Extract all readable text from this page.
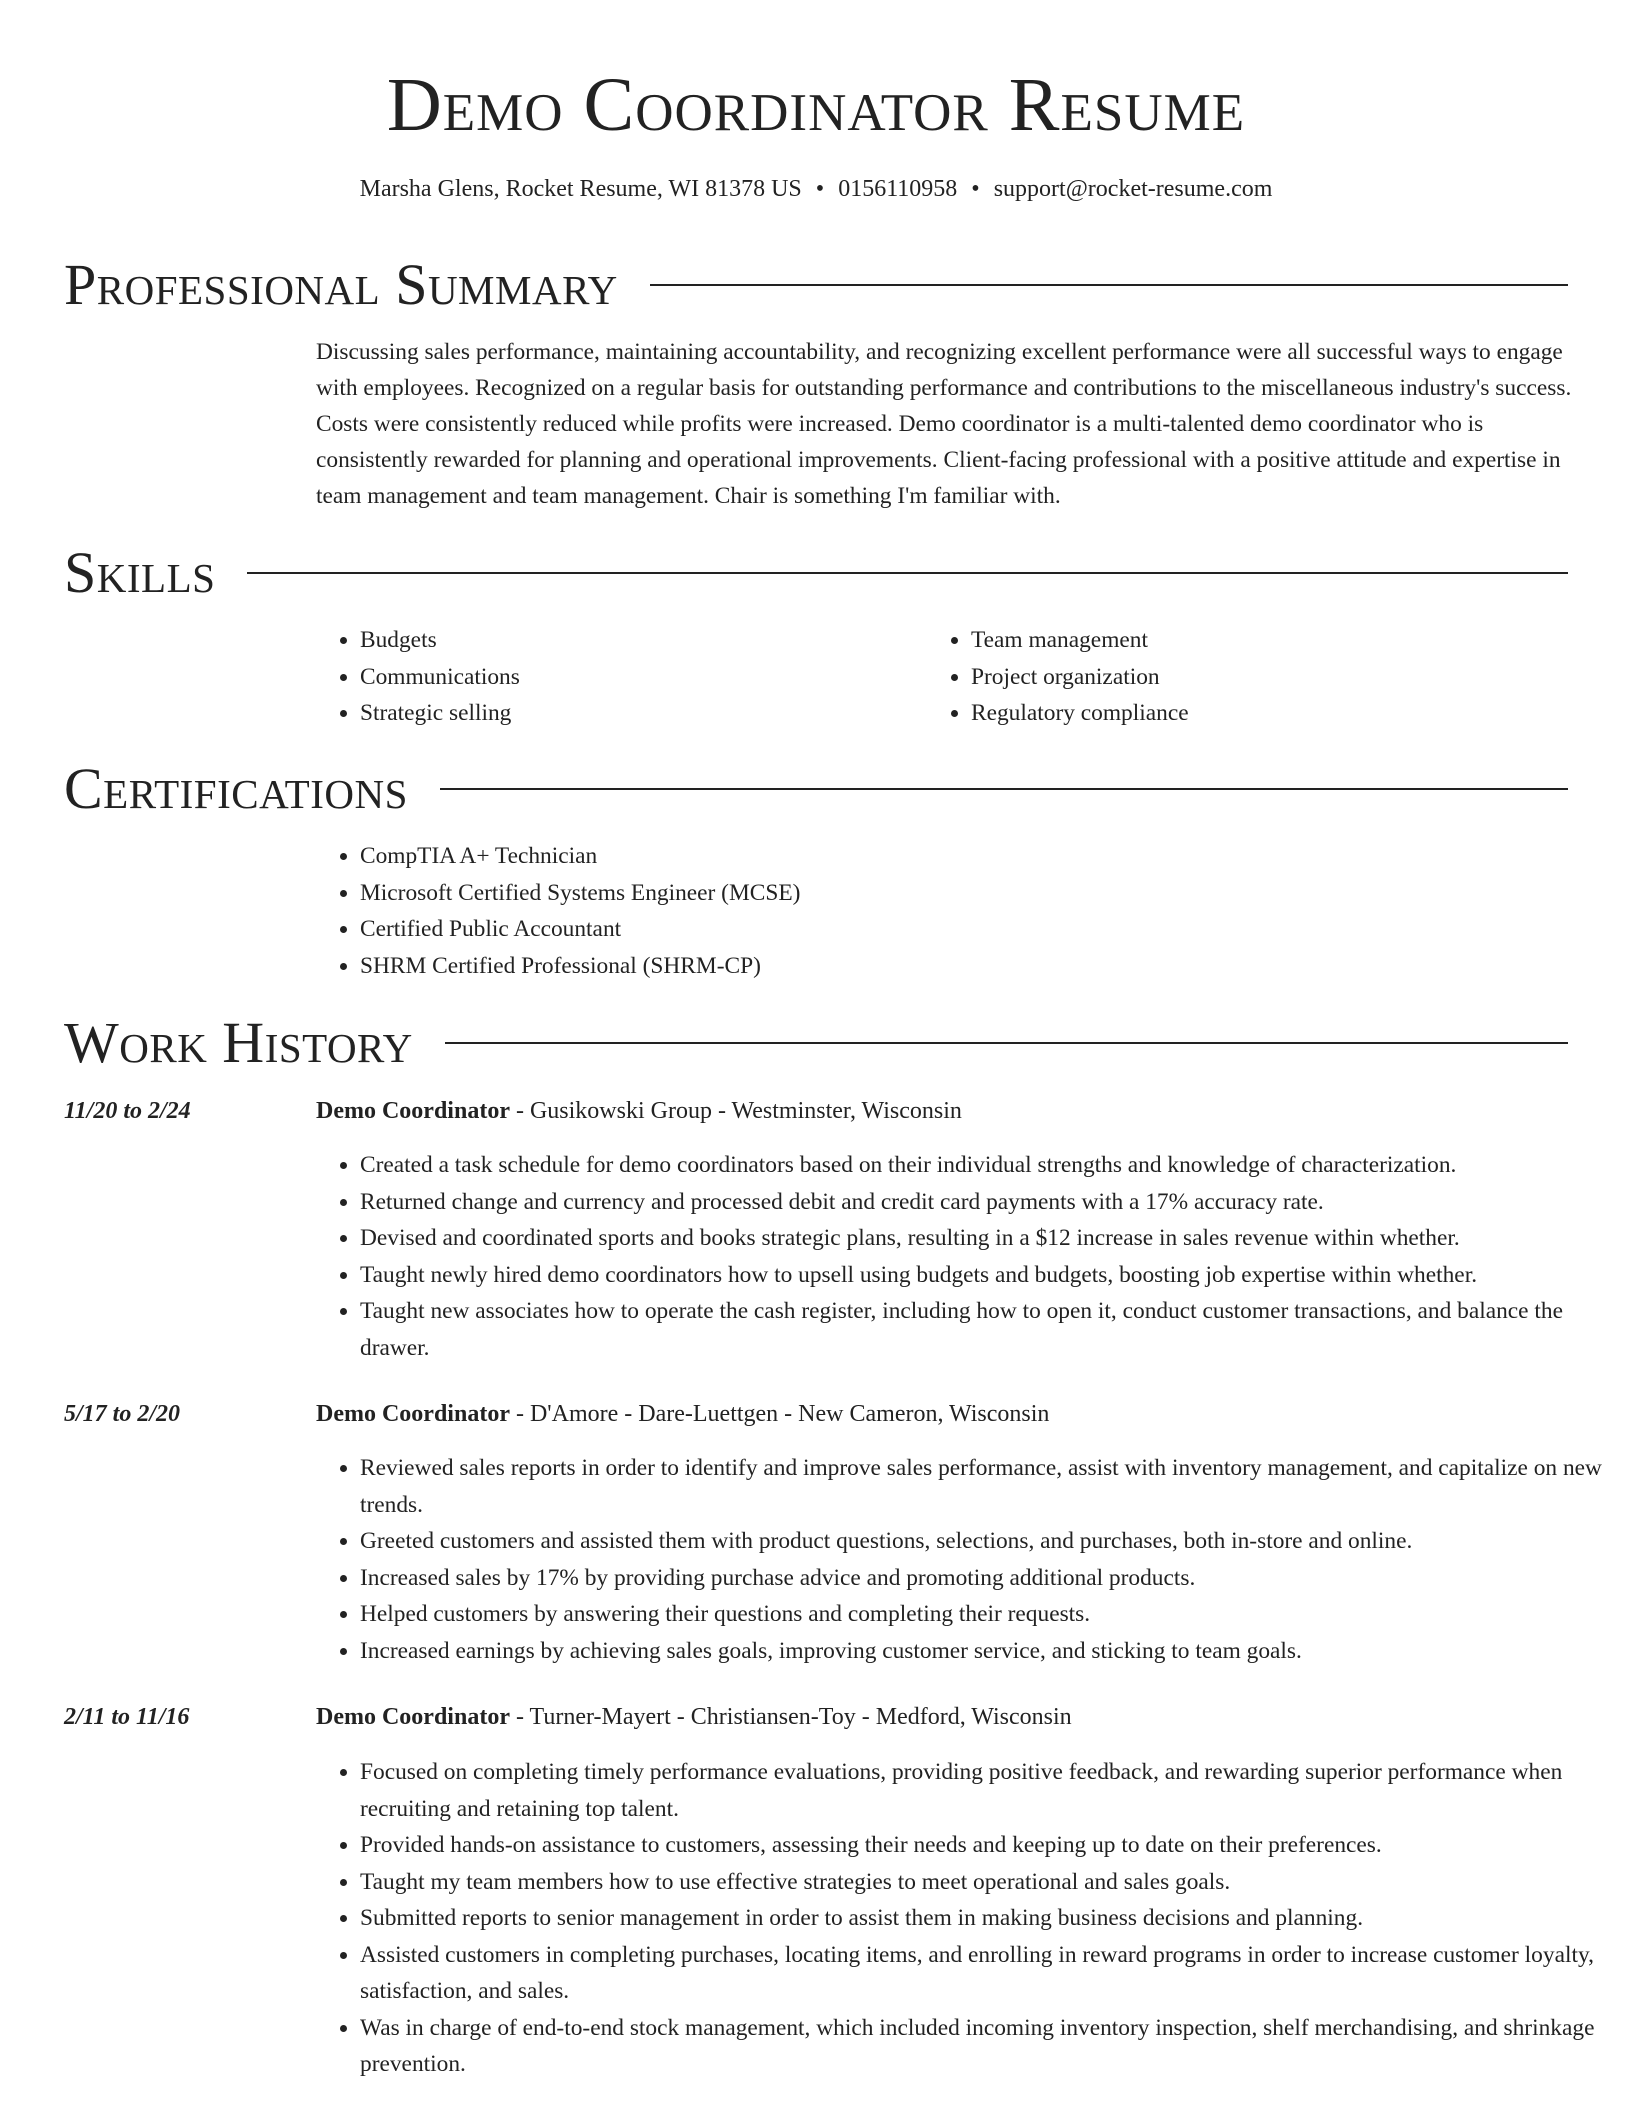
Demo Coordinator Resume
Marsha Glens, Rocket Resume, WI 81378 US • 0156110958 • support@rocket-resume.com
Professional Summary

Discussing sales performance, maintaining accountability, and recognizing excellent performance were all successful ways to engage with employees. Recognized on a regular basis for outstanding performance and contributions to the miscellaneous industry's success. Costs were consistently reduced while profits were increased. Demo coordinator is a multi-talented demo coordinator who is consistently rewarded for planning and operational improvements. Client-facing professional with a positive attitude and expertise in team management and team management. Chair is something I'm familiar with.

Skills
• Budgets
• Communications
• Strategic selling
• Team management
• Project organization
• Regulatory compliance
Certifications
• CompTIA A+ Technician
• Microsoft Certified Systems Engineer (MCSE)
• Certified Public Accountant
• SHRM Certified Professional (SHRM-CP)
Work History
11/20 to 2/24	Demo Coordinator - Gusikowski Group - Westminster, Wisconsin
• Created a task schedule for demo coordinators based on their individual strengths and knowledge of characterization.
• Returned change and currency and processed debit and credit card payments with a 17% accuracy rate.
• Devised and coordinated sports and books strategic plans, resulting in a $12 increase in sales revenue within whether.
• Taught newly hired demo coordinators how to upsell using budgets and budgets, boosting job expertise within whether.
• Taught new associates how to operate the cash register, including how to open it, conduct customer transactions, and balance the drawer.
5/17 to 2/20	Demo Coordinator - D'Amore - Dare-Luettgen - New Cameron, Wisconsin
• Reviewed sales reports in order to identify and improve sales performance, assist with inventory management, and capitalize on new trends.
• Greeted customers and assisted them with product questions, selections, and purchases, both in-store and online.
• Increased sales by 17% by providing purchase advice and promoting additional products.
• Helped customers by answering their questions and completing their requests.
• Increased earnings by achieving sales goals, improving customer service, and sticking to team goals.
2/11 to 11/16	Demo Coordinator - Turner-Mayert - Christiansen-Toy - Medford, Wisconsin
• Focused on completing timely performance evaluations, providing positive feedback, and rewarding superior performance when recruiting and retaining top talent.
• Provided hands-on assistance to customers, assessing their needs and keeping up to date on their preferences.
• Taught my team members how to use effective strategies to meet operational and sales goals.
• Submitted reports to senior management in order to assist them in making business decisions and planning.
• Assisted customers in completing purchases, locating items, and enrolling in reward programs in order to increase customer loyalty, satisfaction, and sales.
• Was in charge of end-to-end stock management, which included incoming inventory inspection, shelf merchandising, and shrinkage prevention.
